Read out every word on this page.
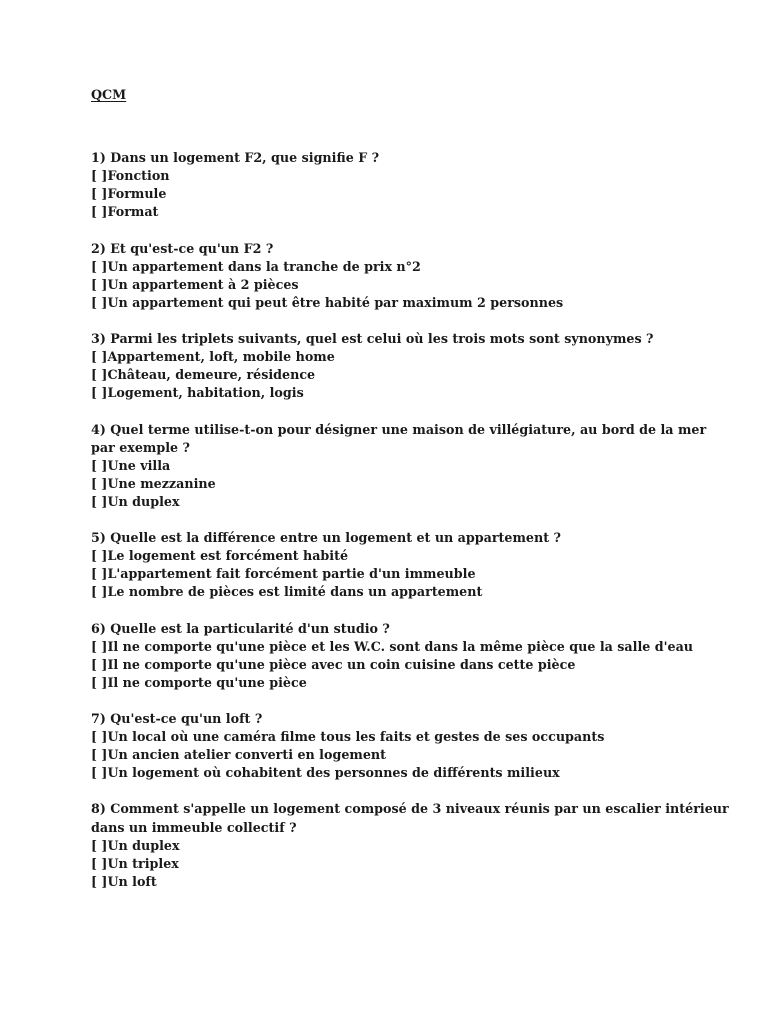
QCM
1) Dans un logement F2, que signifie F ?
[ ]Fonction
[ ]Formule
[ ]Format
2) Et qu'est-ce qu'un F2 ?
[ ]Un appartement dans la tranche de prix n°2
[ ]Un appartement à 2 pièces
[ ]Un appartement qui peut être habité par maximum 2 personnes
3) Parmi les triplets suivants, quel est celui où les trois mots sont synonymes ?
[ ]Appartement, loft, mobile home
[ ]Château, demeure, résidence
[ ]Logement, habitation, logis
4) Quel terme utilise-t-on pour désigner une maison de villégiature, au bord de la mer par exemple ?
[ ]Une villa
[ ]Une mezzanine
[ ]Un duplex
5) Quelle est la différence entre un logement et un appartement ?
[ ]Le logement est forcément habité
[ ]L'appartement fait forcément partie d'un immeuble
[ ]Le nombre de pièces est limité dans un appartement
6) Quelle est la particularité d'un studio ?
[ ]Il ne comporte qu'une pièce et les W.C. sont dans la même pièce que la salle d'eau
[ ]Il ne comporte qu'une pièce avec un coin cuisine dans cette pièce
[ ]Il ne comporte qu'une pièce
7) Qu'est-ce qu'un loft ?
[ ]Un local où une caméra filme tous les faits et gestes de ses occupants
[ ]Un ancien atelier converti en logement
[ ]Un logement où cohabitent des personnes de différents milieux
8) Comment s'appelle un logement composé de 3 niveaux réunis par un escalier intérieur dans un immeuble collectif ?
[ ]Un duplex
[ ]Un triplex
[ ]Un loft
